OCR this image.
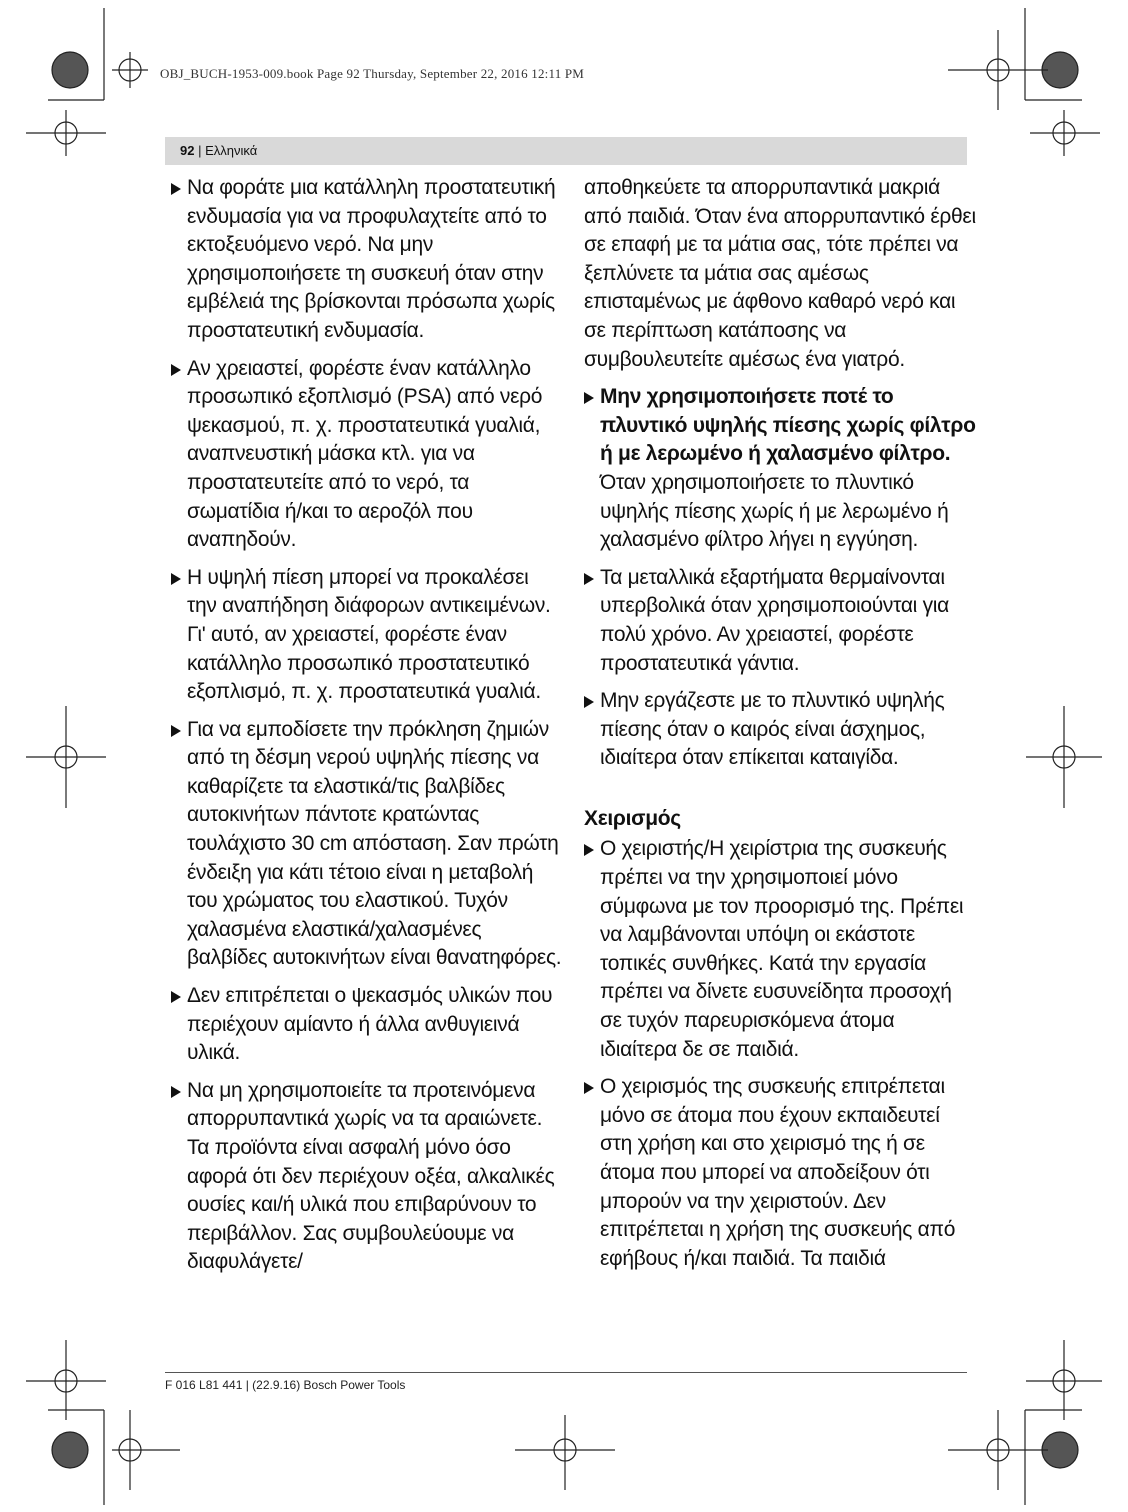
OBJ_BUCH-1953-009.book Page 92 Thursday, September 22, 2016 12:11 PM
92 | Ελληνικά
Να φοράτε μια κατάλληλη προστατευτική ενδυμασία για να προφυλαχτείτε από το εκτοξευόμενο νερό. Να μην χρησιμοποιήσετε τη συσκευή όταν στην εμβέλειά της βρίσκονται πρόσωπα χωρίς προστατευτική ενδυμασία.
Αν χρειαστεί, φορέστε έναν κατάλληλο προσωπικό εξοπλισμό (PSA) από νερό ψεκασμού, π. χ. προστατευτικά γυαλιά, αναπνευστική μάσκα κτλ. για να προστατευτείτε από το νερό, τα σωματίδια ή/και το αεροζόλ που αναπηδούν.
Η υψηλή πίεση μπορεί να προκαλέσει την αναπήδηση διάφορων αντικειμένων. Γι' αυτό, αν χρειαστεί, φορέστε έναν κατάλληλο προσωπικό προστατευτικό εξοπλισμό, π. χ. προστατευτικά γυαλιά.
Για να εμποδίσετε την πρόκληση ζημιών από τη δέσμη νερού υψηλής πίεσης να καθαρίζετε τα ελαστικά/τις βαλβίδες αυτοκινήτων πάντοτε κρατώντας τουλάχιστο 30 cm απόσταση. Σαν πρώτη ένδειξη για κάτι τέτοιο είναι η μεταβολή του χρώματος του ελαστικού. Τυχόν χαλασμένα ελαστικά/χαλασμένες βαλβίδες αυτοκινήτων είναι θανατηφόρες.
Δεν επιτρέπεται ο ψεκασμός υλικών που περιέχουν αμίαντο ή άλλα ανθυγιεινά υλικά.
Να μη χρησιμοποιείτε τα προτεινόμενα απορρυπαντικά χωρίς να τα αραιώνετε. Τα προϊόντα είναι ασφαλή μόνο όσο αφορά ότι δεν περιέχουν οξέα, αλκαλικές ουσίες και/ή υλικά που επιβαρύνουν το περιβάλλον. Σας συμβουλεύουμε να διαφυλάγετε/
αποθηκεύετε τα απορρυπαντικά μακριά από παιδιά. Όταν ένα απορρυπαντικό έρθει σε επαφή με τα μάτια σας, τότε πρέπει να ξεπλύνετε τα μάτια σας αμέσως επισταμένως με άφθονο καθαρό νερό και σε περίπτωση κατάποσης να συμβουλευτείτε αμέσως ένα γιατρό.
Μην χρησιμοποιήσετε ποτέ το πλυντικό υψηλής πίεσης χωρίς φίλτρο ή με λερωμένο ή χαλασμένο φίλτρο. Όταν χρησιμοποιήσετε το πλυντικό υψηλής πίεσης χωρίς ή με λερωμένο ή χαλασμένο φίλτρο λήγει η εγγύηση.
Τα μεταλλικά εξαρτήματα θερμαίνονται υπερβολικά όταν χρησιμοποιούνται για πολύ χρόνο. Αν χρειαστεί, φορέστε προστατευτικά γάντια.
Μην εργάζεστε με το πλυντικό υψηλής πίεσης όταν ο καιρός είναι άσχημος, ιδιαίτερα όταν επίκειται καταιγίδα.
Χειρισμός
Ο χειριστής/Η χειρίστρια της συσκευής πρέπει να την χρησιμοποιεί μόνο σύμφωνα με τον προορισμό της. Πρέπει να λαμβάνονται υπόψη οι εκάστοτε τοπικές συνθήκες. Κατά την εργασία πρέπει να δίνετε ευσυνείδητα προσοχή σε τυχόν παρευρισκόμενα άτομα ιδιαίτερα δε σε παιδιά.
Ο χειρισμός της συσκευής επιτρέπεται μόνο σε άτομα που έχουν εκπαιδευτεί στη χρήση και στο χειρισμό της ή σε άτομα που μπορεί να αποδείξουν ότι μπορούν να την χειριστούν. Δεν επιτρέπεται η χρήση της συσκευής από εφήβους ή/και παιδιά. Τα παιδιά
F 016 L81 441 | (22.9.16) Bosch Power Tools
